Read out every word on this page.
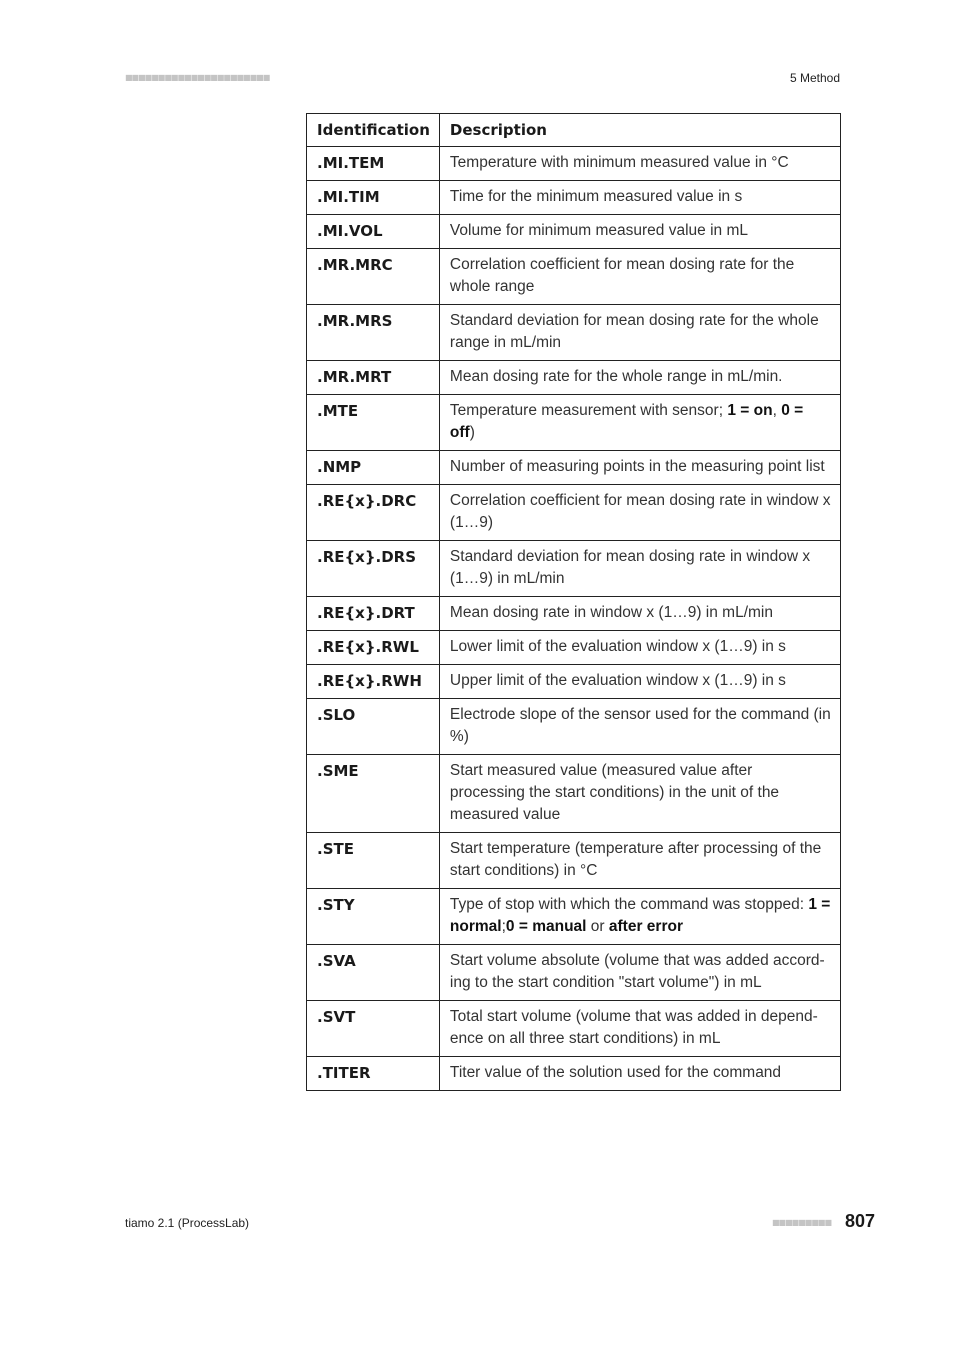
■■■■■■■■■■■■■■■■■■■■■■	5 Method
Identification	Description
.MI.TEM	Temperature with minimum measured value in °C
.MI.TIM	Time for the minimum measured value in s
.MI.VOL	Volume for minimum measured value in mL
.MR.MRC	Correlation coefficient for mean dosing rate for the whole range
.MR.MRS	Standard deviation for mean dosing rate for the whole range in mL/min
.MR.MRT	Mean dosing rate for the whole range in mL/min.
.MTE	Temperature measurement with sensor; 1 = on, 0 = off)
.NMP	Number of measuring points in the measuring point list
.RE{x}.DRC	Correlation coefficient for mean dosing rate in window x (1…9)
.RE{x}.DRS	Standard deviation for mean dosing rate in window x (1…9) in mL/min
.RE{x}.DRT	Mean dosing rate in window x (1…9) in mL/min
.RE{x}.RWL	Lower limit of the evaluation window x (1…9) in s
.RE{x}.RWH	Upper limit of the evaluation window x (1…9) in s
.SLO	Electrode slope of the sensor used for the command (in %)
.SME	Start measured value (measured value after processing the start conditions) in the unit of the measured value
.STE	Start temperature (temperature after processing of the start conditions) in °C
.STY	Type of stop with which the command was stopped: 1 = normal;0 = manual or after error
.SVA	Start volume absolute (volume that was added accord-ing to the start condition "start volume") in mL
.SVT	Total start volume (volume that was added in depend-ence on all three start conditions) in mL
.TITER	Titer value of the solution used for the command
tiamo 2.1 (ProcessLab)	■■■■■■■■■ 807
